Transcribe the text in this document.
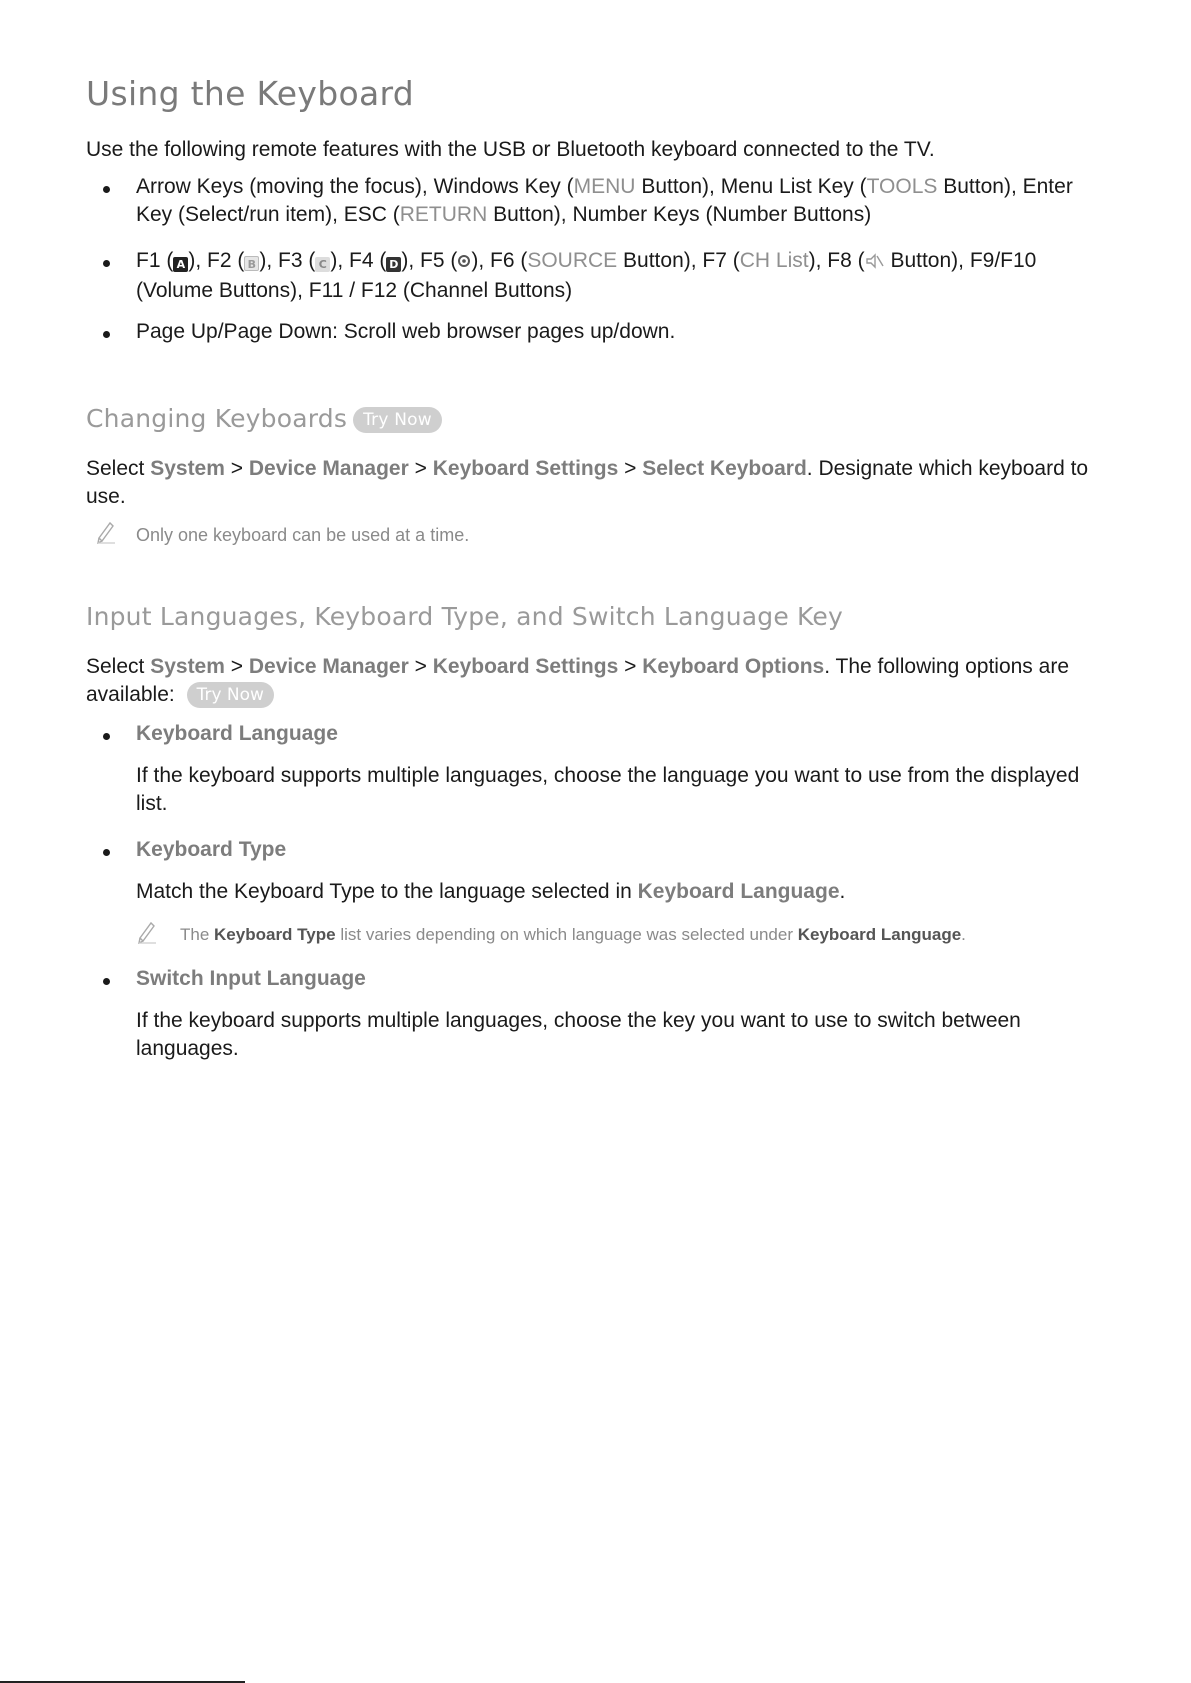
Using the Keyboard
Use the following remote features with the USB or Bluetooth keyboard connected to the TV.
Arrow Keys (moving the focus), Windows Key (MENU Button), Menu List Key (TOOLS Button), Enter Key (Select/run item), ESC (RETURN Button), Number Keys (Number Buttons)
F1 ( A ), F2 ( B ), F3 ( C ), F4 ( D ), F5 ( ), F6 (SOURCE Button), F7 (CH List), F8 ( Button), F9/F10 (Volume Buttons), F11 / F12 (Channel Buttons)
Page Up/Page Down: Scroll web browser pages up/down.
Changing Keyboards Try Now
Select System > Device Manager > Keyboard Settings > Select Keyboard. Designate which keyboard to use.
Only one keyboard can be used at a time.
Input Languages, Keyboard Type, and Switch Language Key
Select System > Device Manager > Keyboard Settings > Keyboard Options. The following options are available: Try Now
Keyboard Language
If the keyboard supports multiple languages, choose the language you want to use from the displayed list.
Keyboard Type
Match the Keyboard Type to the language selected in Keyboard Language.
The Keyboard Type list varies depending on which language was selected under Keyboard Language.
Switch Input Language
If the keyboard supports multiple languages, choose the key you want to use to switch between languages.
